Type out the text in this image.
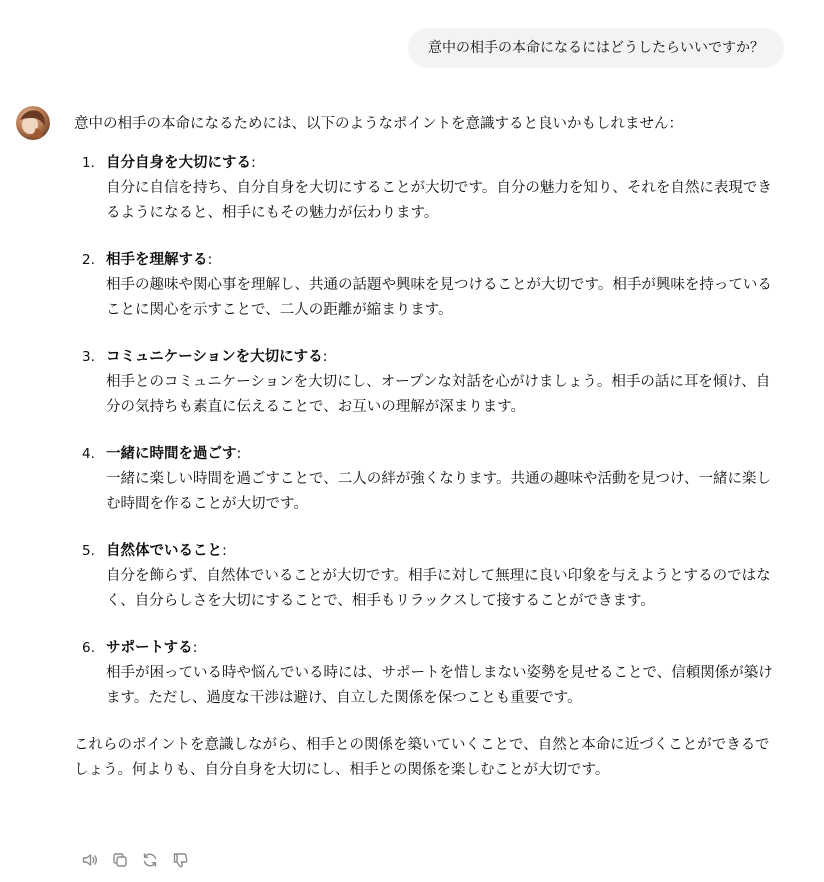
意中の相手の本命になるにはどうしたらいいですか？

意中の相手の本命になるためには、以下のようなポイントを意識すると良いかもしれません：

1. 自分自身を大切にする:
自分に自信を持ち、自分自身を大切にすることが大切です。自分の魅力を知り、それを自然に表現できるようになると、相手にもその魅力が伝わります。
2. 相手を理解する:
相手の趣味や関心事を理解し、共通の話題や興味を見つけることが大切です。相手が興味を持っていることに関心を示すことで、二人の距離が縮まります。
3. コミュニケーションを大切にする:
相手とのコミュニケーションを大切にし、オープンな対話を心がけましょう。相手の話に耳を傾け、自分の気持ちも素直に伝えることで、お互いの理解が深まります。
4. 一緒に時間を過ごす:
一緒に楽しい時間を過ごすことで、二人の絆が強くなります。共通の趣味や活動を見つけ、一緒に楽しむ時間を作ることが大切です。
5. 自然体でいること:
自分を飾らず、自然体でいることが大切です。相手に対して無理に良い印象を与えようとするのではなく、自分らしさを大切にすることで、相手もリラックスして接することができます。
6. サポートする:
相手が困っている時や悩んでいる時には、サポートを惜しまない姿勢を見せることで、信頼関係が築けます。ただし、過度な干渉は避け、自立した関係を保つことも重要です。

これらのポイントを意識しながら、相手との関係を築いていくことで、自然と本命に近づくことができるでしょう。何よりも、自分自身を大切にし、相手との関係を楽しむことが大切です。
